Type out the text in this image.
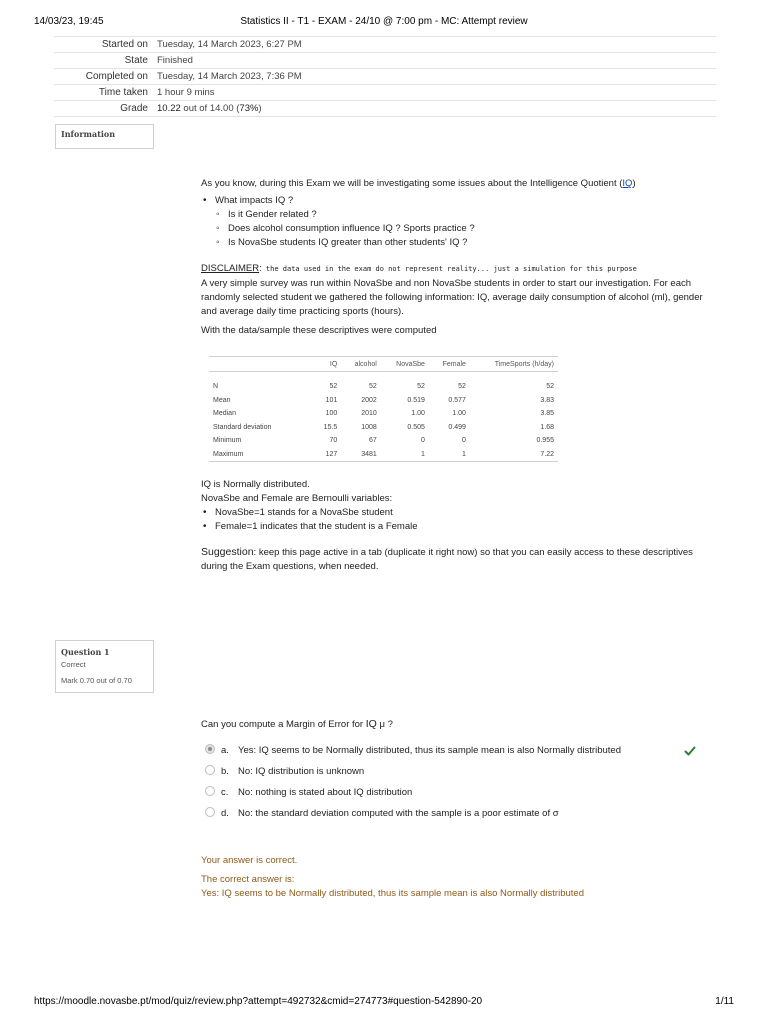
Statistics II - T1 - EXAM - 24/10 @ 7:00 pm - MC: Attempt review
14/03/23, 19:45
Started on	Tuesday, 14 March 2023, 6:27 PM
State	Finished
Completed on	Tuesday, 14 March 2023, 7:36 PM
Time taken	1 hour 9 mins
Grade	10.22 out of 14.00 (73%)
Information

As you know, during this Exam we will be investigating some issues about the Intelligence Quotient (IQ)

• What impacts IQ ?
◦ Is it Gender related ?
◦ Does alcohol consumption influence IQ ? Sports practice ?
◦ Is NovaSbe students IQ greater than other students' IQ ?

DISCLAIMER: the data used in the exam do not represent reality... just a simulation for this purpose

A very simple survey was run within NovaSbe and non NovaSbe students in order to start our investigation. For each randomly selected student we gathered the following information: IQ, average daily consumption of alcohol (ml), gender and average daily time practicing sports (hours).

With the data/sample these descriptives were computed

	IQ	alcohol	NovaSbe	Female	TimeSports (h/day)

N	52	52	52	52	52
Mean	101	2002	0.519	0.577	3.83
Median	100	2010	1.00	1.00	3.85
Standard deviation	15.5	1008	0.505	0.499	1.68
Minimum	70	67	0	0	0.955
Maximum	127	3481	1	1	7.22

IQ is Normally distributed.

NovaSbe and Female are Bernoulli variables:

• NovaSbe=1 stands for a NovaSbe student
• Female=1 indicates that the student is a Female

Suggestion: keep this page active in a tab (duplicate it right now) so that you can easily access to these descriptives during the Exam questions, when needed.

Question 1
Correct
Mark 0.70 out of 0.70

Can you compute a Margin of Error for IQ μ ?

a. Yes: IQ seems to be Normally distributed, thus its sample mean is also Normally distributed
b. No: IQ distribution is unknown
c. No: nothing is stated about IQ distribution
d. No: the standard deviation computed with the sample is a poor estimate of σ
Your answer is correct.
The correct answer is:
Yes: IQ seems to be Normally distributed, thus its sample mean is also Normally distributed
https://moodle.novasbe.pt/mod/quiz/review.php?attempt=492732&cmid=274773#question-542890-20	1/11
